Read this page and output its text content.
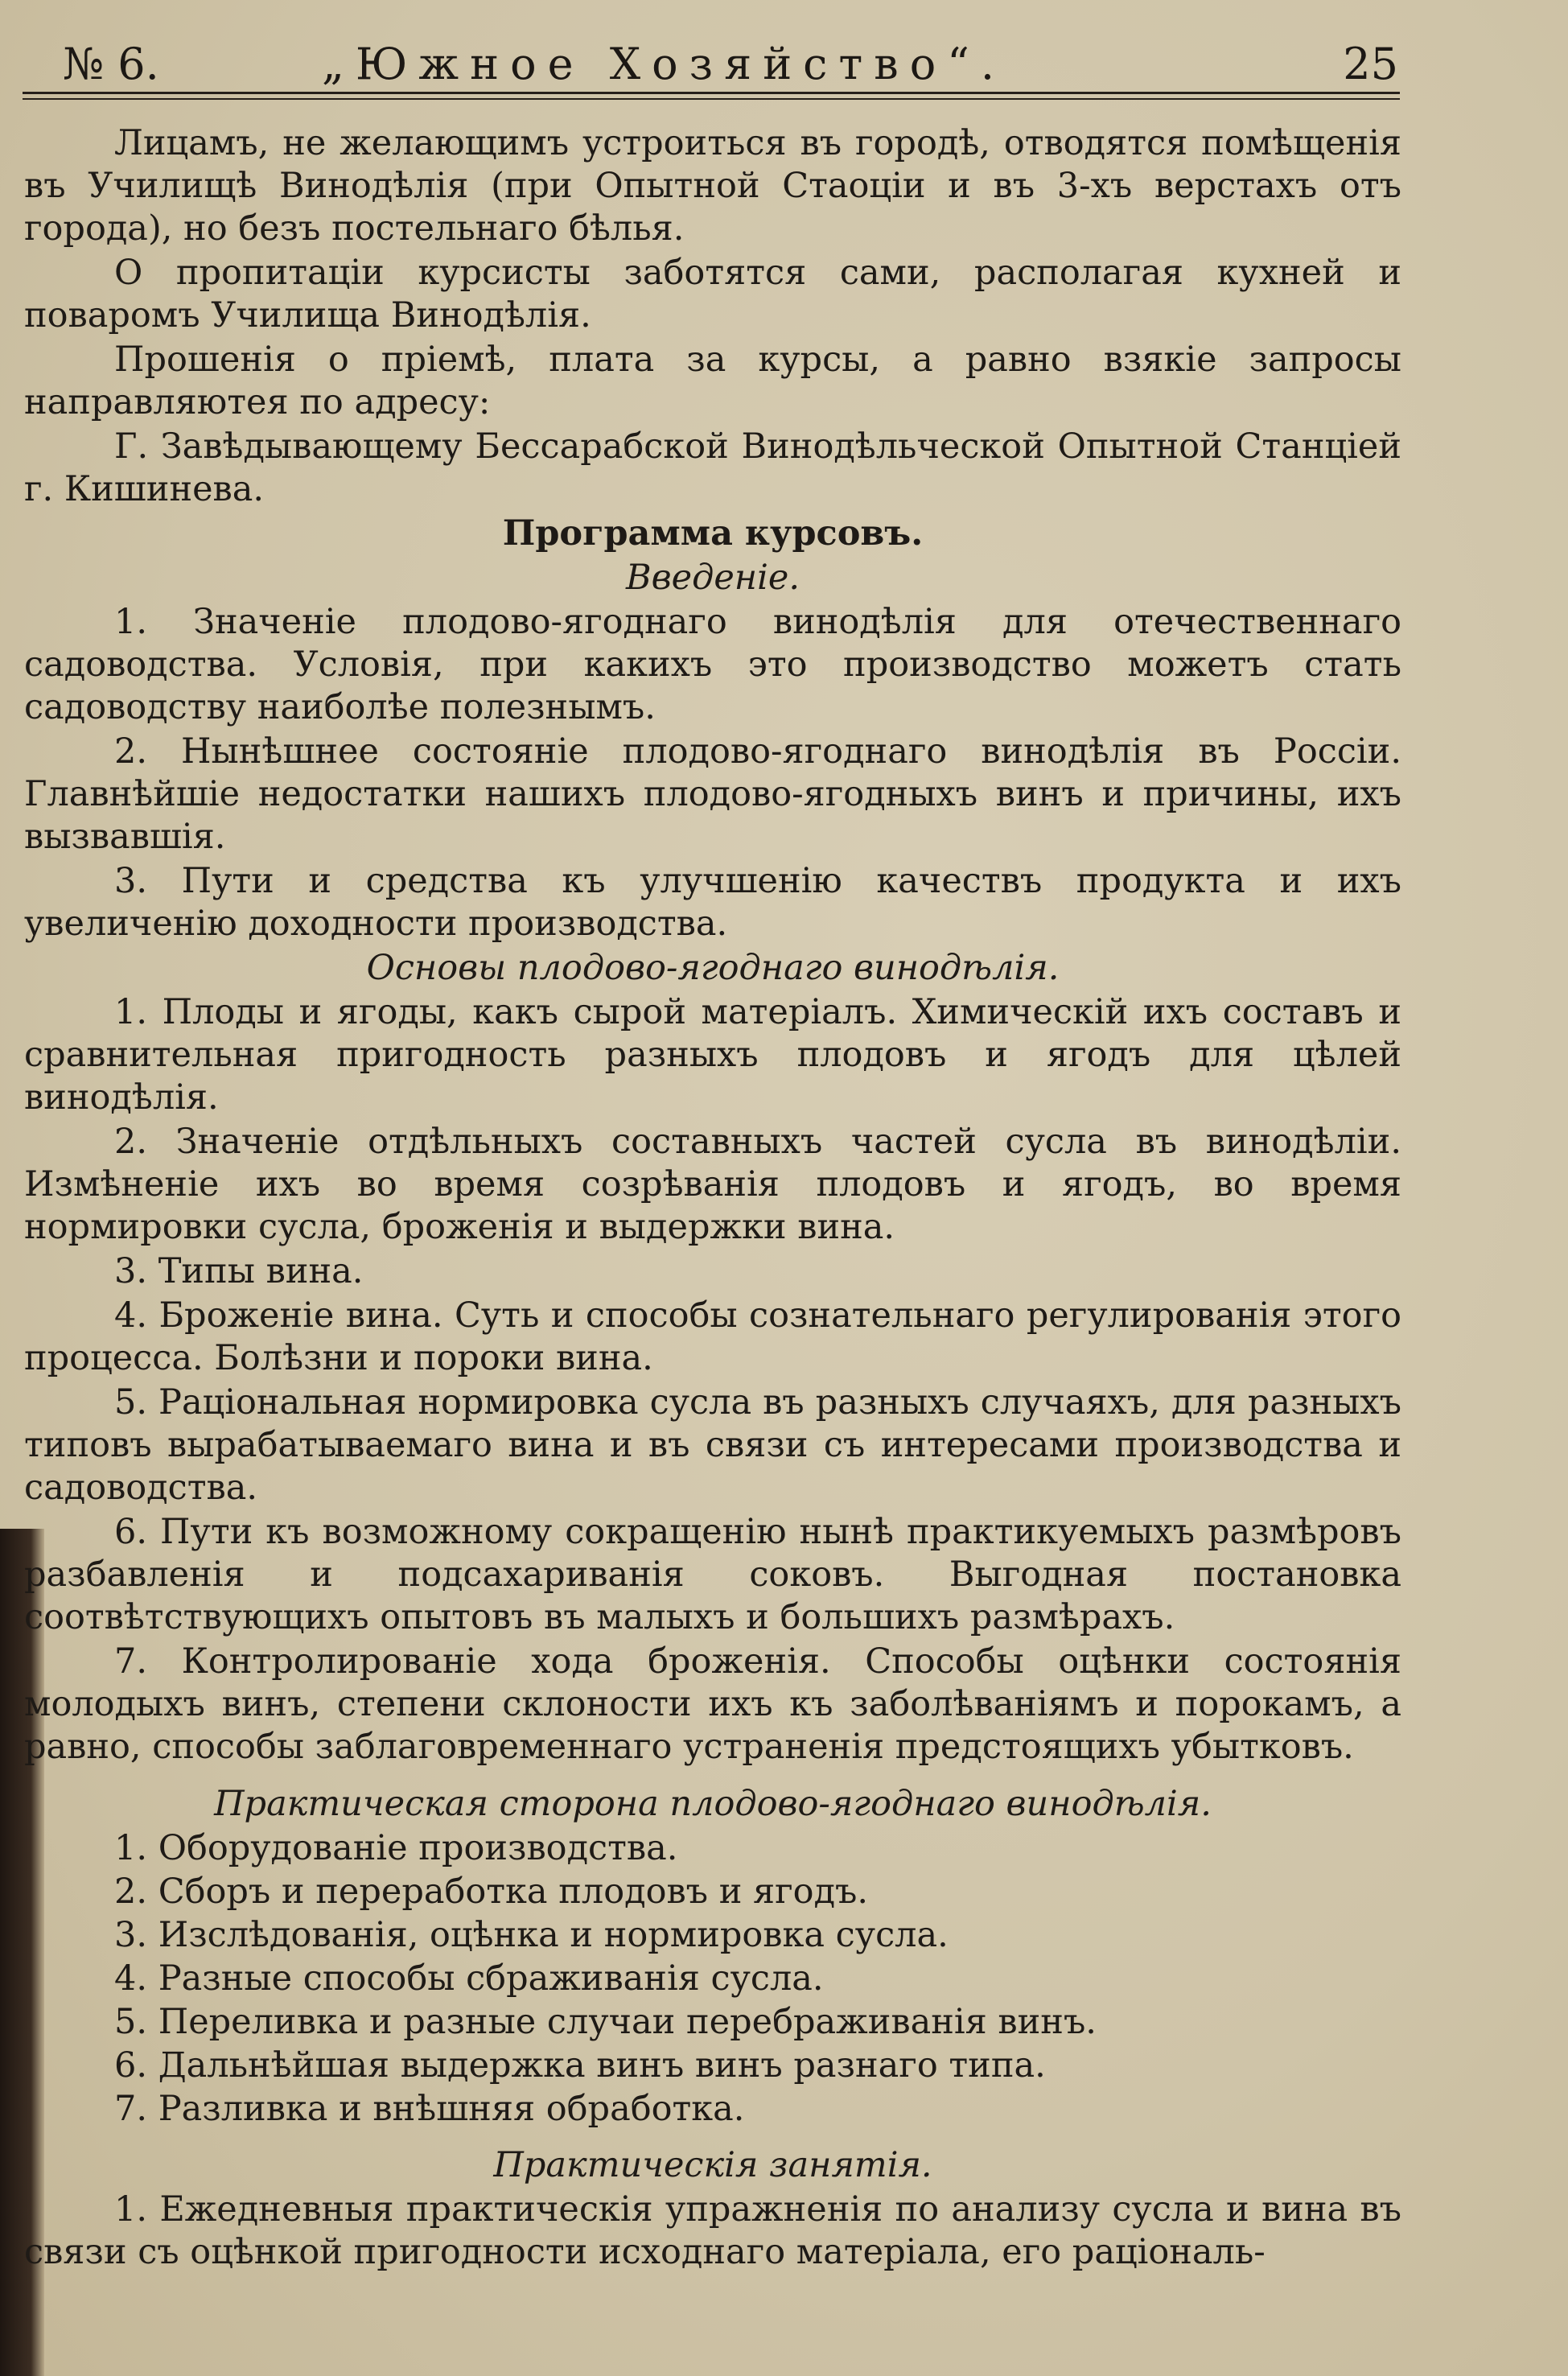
№ 6.	„Южное Хозяйство“.	25

Лицамъ, не желающимъ устроиться въ городѣ, отводятся помѣщенія въ Училищѣ Винодѣлія (при Опытной Стаоціи и въ 3-хъ верстахъ отъ города), но безъ постельнаго бѣлья.

О пропитаціи курсисты заботятся сами, располагая кухней и поваромъ Училища Винодѣлія.

Прошенія о пріемѣ, плата за курсы, а равно взякіе запросы направляютея по адресу:

Г. Завѣдывающему Бессарабской Винодѣльческой Опытной Станціей г. Кишинева.

Программа курсовъ.

Введеніе.

1. Значеніе плодово-ягоднаго винодѣлія для отечественнаго садоводства. Условія, при какихъ это производство можетъ стать садоводству наиболѣе полезнымъ.

2. Нынѣшнее состояніе плодово-ягоднаго винодѣлія въ Россіи. Главнѣйшіе недостатки нашихъ плодово-ягодныхъ винъ и причины, ихъ вызвавшія.

3. Пути и средства къ улучшенію качествъ продукта и ихъ увеличенію доходности производства.

Основы плодово-ягоднаго винодѣлія.

1. Плоды и ягоды, какъ сырой матеріалъ. Химическій ихъ составъ и сравнительная пригодность разныхъ плодовъ и ягодъ для цѣлей винодѣлія.

2. Значеніе отдѣльныхъ составныхъ частей сусла въ винодѣліи. Измѣненіе ихъ во время созрѣванія плодовъ и ягодъ, во время нормировки сусла, броженія и выдержки вина.

3. Типы вина.

4. Броженіе вина. Суть и способы сознательнаго регулированія этого процесса. Болѣзни и пороки вина.

5. Раціональная нормировка сусла въ разныхъ случаяхъ, для разныхъ типовъ вырабатываемаго вина и въ связи съ интересами производства и садоводства.

6. Пути къ возможному сокращенію нынѣ практикуемыхъ размѣровъ разбавленія и подсахариванія соковъ. Выгодная постановка соотвѣтствующихъ опытовъ въ малыхъ и большихъ размѣрахъ.

7. Контролированіе хода броженія. Способы оцѣнки состоянія молодыхъ винъ, степени склоности ихъ къ заболѣваніямъ и порокамъ, а равно, способы заблаговременнаго устраненія предстоящихъ убытковъ.

Практическая сторона плодово-ягоднаго винодѣлія.

1. Оборудованіе производства.
2. Сборъ и переработка плодовъ и ягодъ.
3. Изслѣдованія, оцѣнка и нормировка сусла.
4. Разные способы сбраживанія сусла.
5. Переливка и разные случаи перебраживанія винъ.
6. Дальнѣйшая выдержка винъ винъ разнаго типа.
7. Разливка и внѣшняя обработка.

Практическія занятія.

1. Ежедневныя практическія упражненія по анализу сусла и вина въ связи съ оцѣнкой пригодности исходнаго матеріала, его раціональ-
